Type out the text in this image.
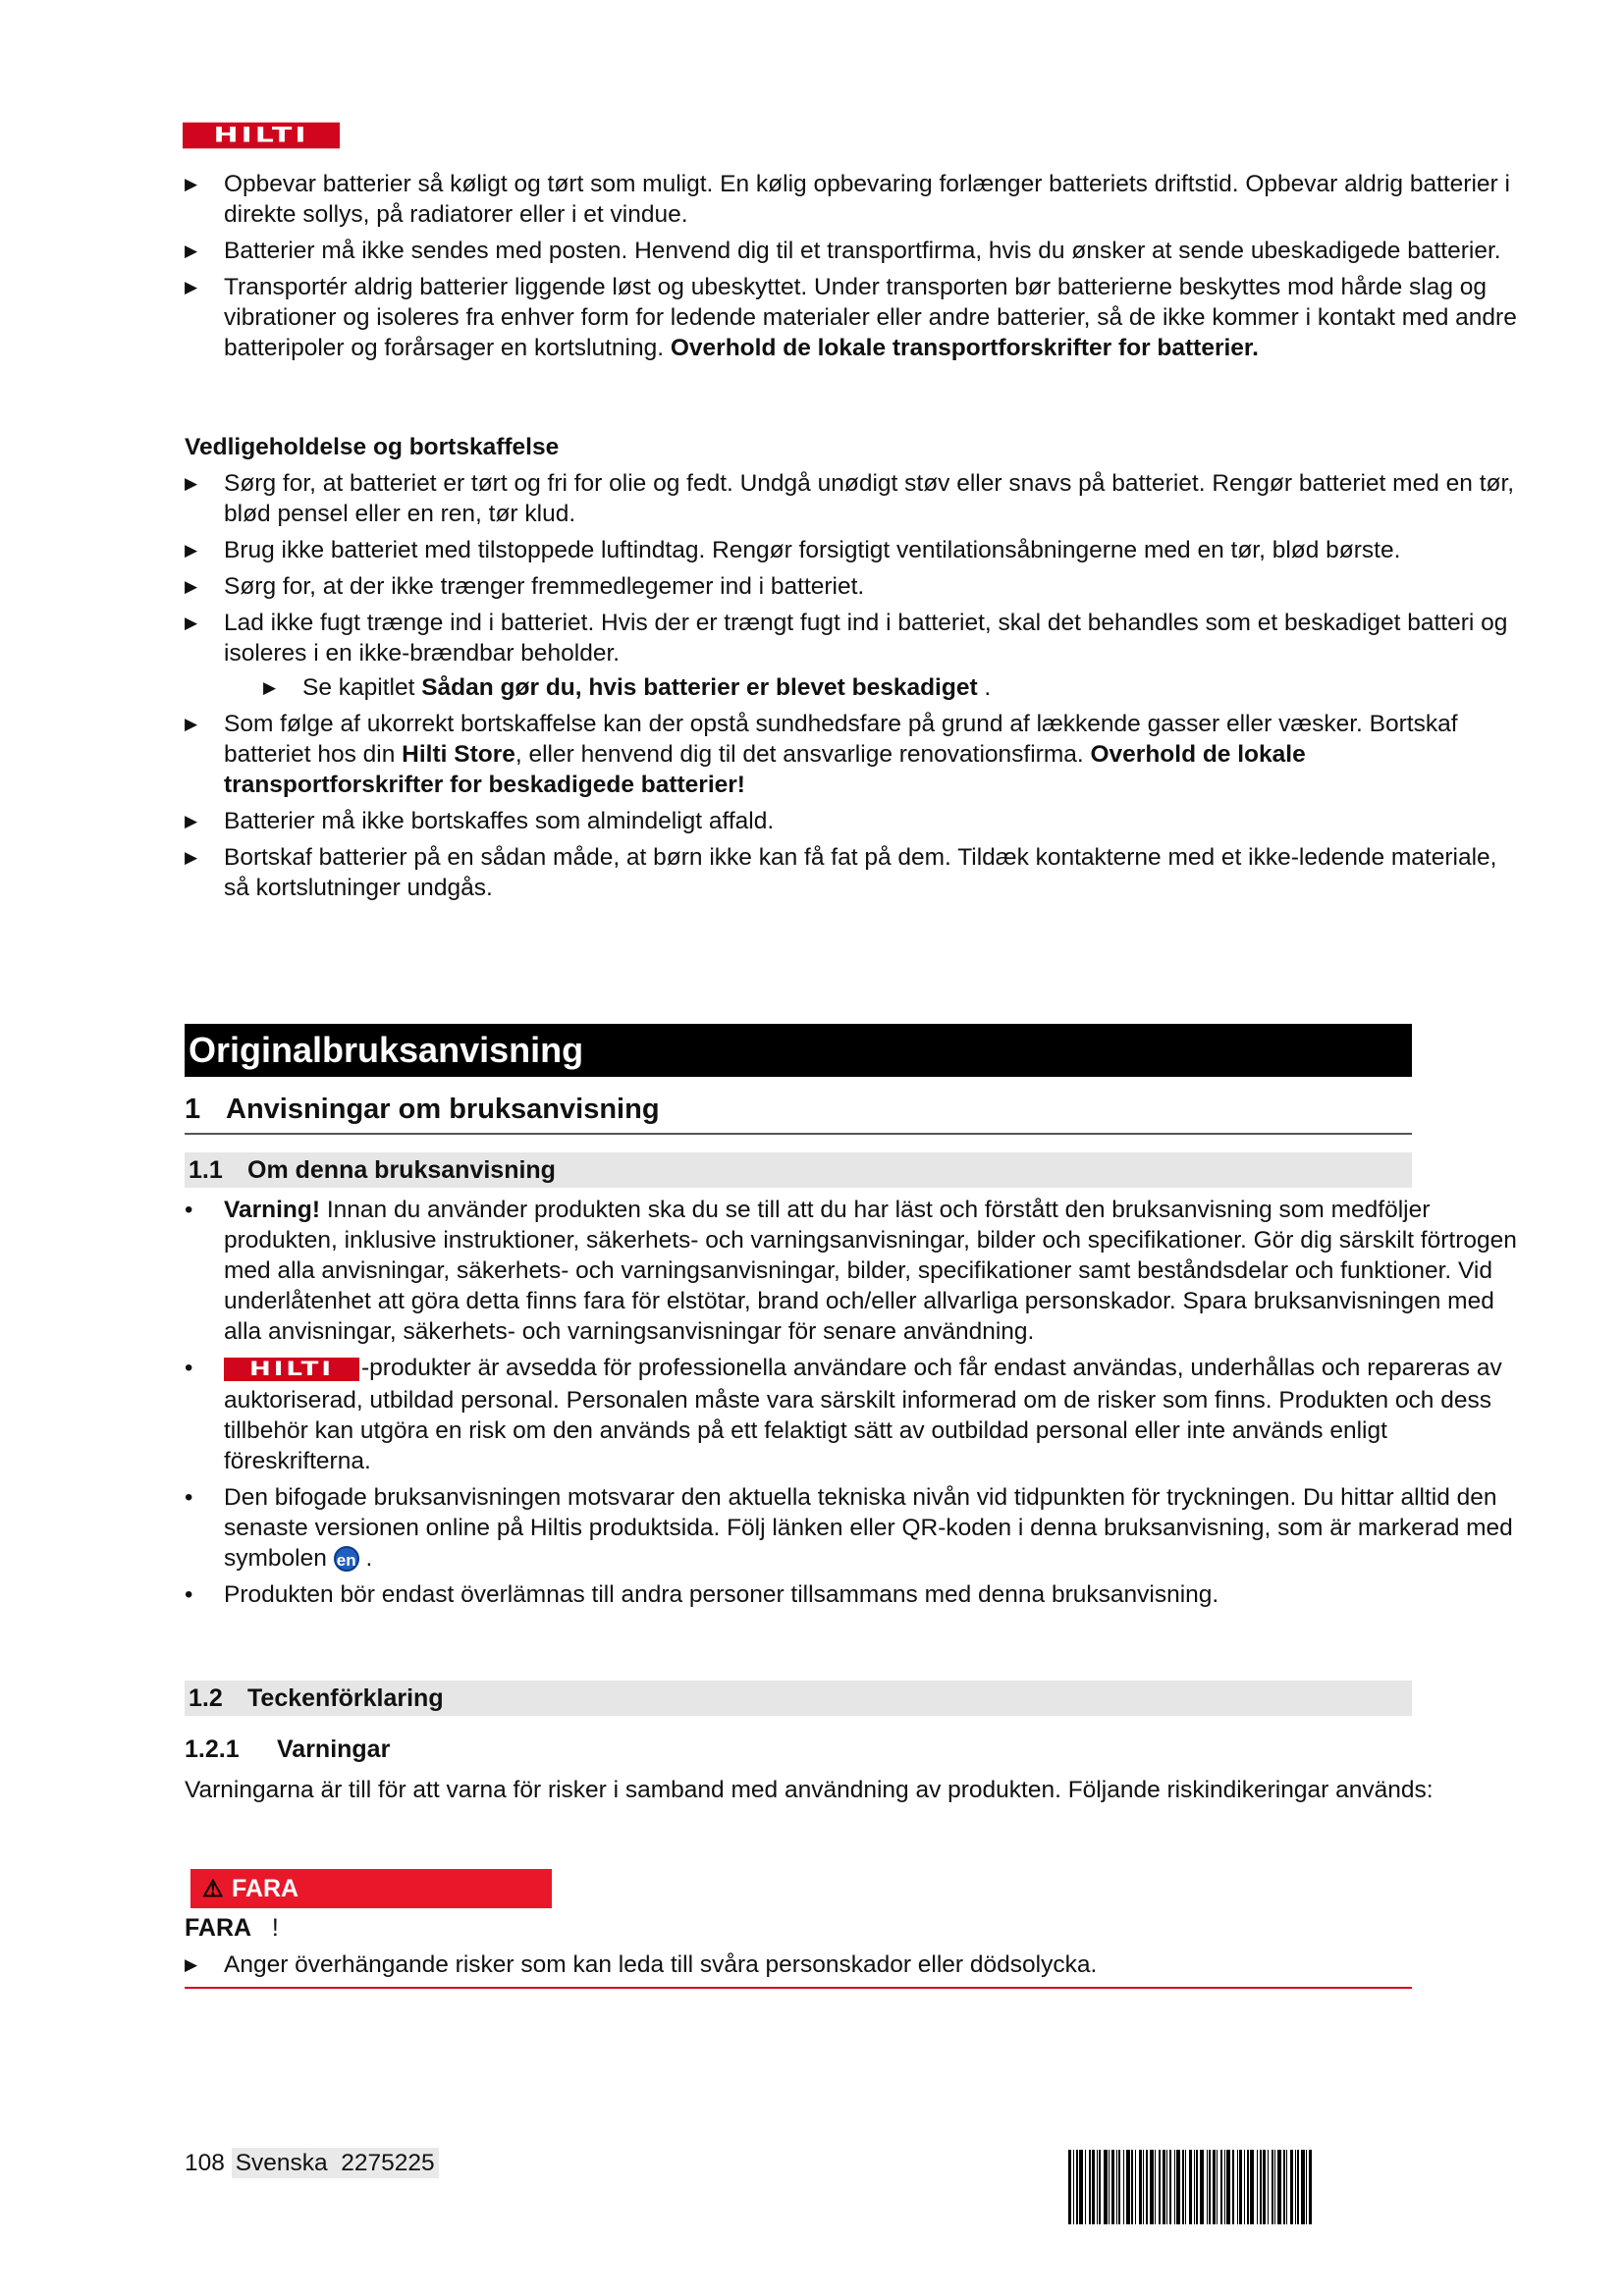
HILTI
▶ Opbevar batterier så køligt og tørt som muligt. En kølig opbevaring forlænger batteriets driftstid. Opbevar aldrig batterier i direkte sollys, på radiatorer eller i et vindue.
▶ Batterier må ikke sendes med posten. Henvend dig til et transportfirma, hvis du ønsker at sende ubeskadigede batterier.
▶ Transportér aldrig batterier liggende løst og ubeskyttet. Under transporten bør batterierne beskyttes mod hårde slag og vibrationer og isoleres fra enhver form for ledende materialer eller andre batterier, så de ikke kommer i kontakt med andre batteripoler og forårsager en kortslutning. Overhold de lokale transportforskrifter for batterier.
Vedligeholdelse og bortskaffelse
▶ Sørg for, at batteriet er tørt og fri for olie og fedt. Undgå unødigt støv eller snavs på batteriet. Rengør batteriet med en tør, blød pensel eller en ren, tør klud.
▶ Brug ikke batteriet med tilstoppede luftindtag. Rengør forsigtigt ventilationsåbningerne med en tør, blød børste.
▶ Sørg for, at der ikke trænger fremmedlegemer ind i batteriet.
▶ Lad ikke fugt trænge ind i batteriet. Hvis der er trængt fugt ind i batteriet, skal det behandles som et beskadiget batteri og isoleres i en ikke-brændbar beholder.
▶ Se kapitlet Sådan gør du, hvis batterier er blevet beskadiget .
▶ Som følge af ukorrekt bortskaffelse kan der opstå sundhedsfare på grund af lækkende gasser eller væsker. Bortskaf batteriet hos din Hilti Store, eller henvend dig til det ansvarlige renovationsfirma. Overhold de lokale transportforskrifter for beskadigede batterier!
▶ Batterier må ikke bortskaffes som almindeligt affald.
▶ Bortskaf batterier på en sådan måde, at børn ikke kan få fat på dem. Tildæk kontakterne med et ikke-ledende materiale, så kortslutninger undgås.
Originalbruksanvisning
1 Anvisningar om bruksanvisning
1.1 Om denna bruksanvisning
• Varning! Innan du använder produkten ska du se till att du har läst och förstått den bruksanvisning som medföljer produkten, inklusive instruktioner, säkerhets- och varningsanvisningar, bilder och specifikationer. Gör dig särskilt förtrogen med alla anvisningar, säkerhets- och varningsanvisningar, bilder, specifikationer samt beståndsdelar och funktioner. Vid underlåtenhet att göra detta finns fara för elstötar, brand och/eller allvarliga personskador. Spara bruksanvisningen med alla anvisningar, säkerhets- och varningsanvisningar för senare användning.
• HILTI -produkter är avsedda för professionella användare och får endast användas, underhållas och repareras av auktoriserad, utbildad personal. Personalen måste vara särskilt informerad om de risker som finns. Produkten och dess tillbehör kan utgöra en risk om den används på ett felaktigt sätt av outbildad personal eller inte används enligt föreskrifterna.
• Den bifogade bruksanvisningen motsvarar den aktuella tekniska nivån vid tidpunkten för tryckningen. Du hittar alltid den senaste versionen online på Hiltis produktsida. Följ länken eller QR-koden i denna bruksanvisning, som är markerad med symbolen en .
• Produkten bör endast överlämnas till andra personer tillsammans med denna bruksanvisning.
1.2 Teckenförklaring
1.2.1 Varningar
Varningarna är till för att varna för risker i samband med användning av produkten. Följande riskindikeringar används:
⚠ FARA
FARA !
▶ Anger överhängande risker som kan leda till svåra personskador eller dödsolycka.
108 Svenska 2275225
